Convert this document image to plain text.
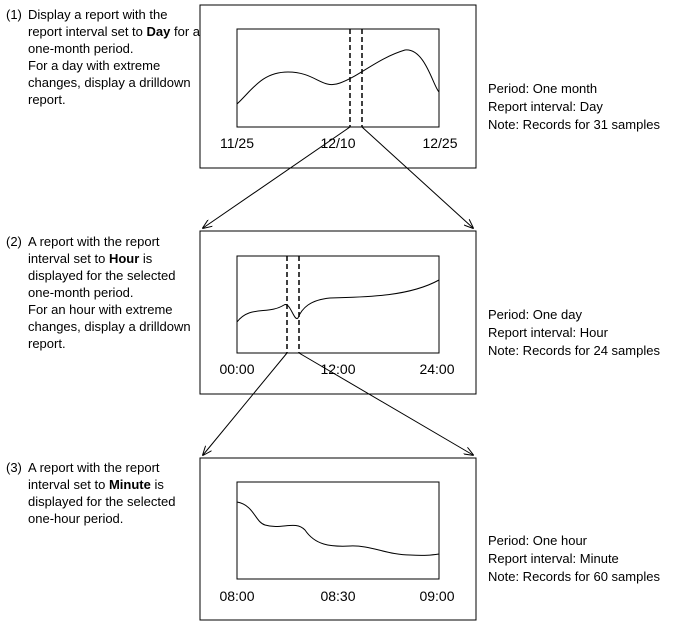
(1) Display a report with the report interval set to Day for a one-month period.
For a day with extreme changes, display a drilldown report.
(2) A report with the report interval set to Hour is displayed for the selected one-month period.
For an hour with extreme changes, display a drilldown report.
(3) A report with the report interval set to Minute is displayed for the selected one-hour period.
Period: One month
Report interval: Day
Note: Records for 31 samples
Period: One day
Report interval: Hour
Note: Records for 24 samples
Period: One hour
Report interval: Minute
Note: Records for 60 samples
11/25	12/10	12/25
00:00	12:00	24:00
08:00	08:30	09:00
